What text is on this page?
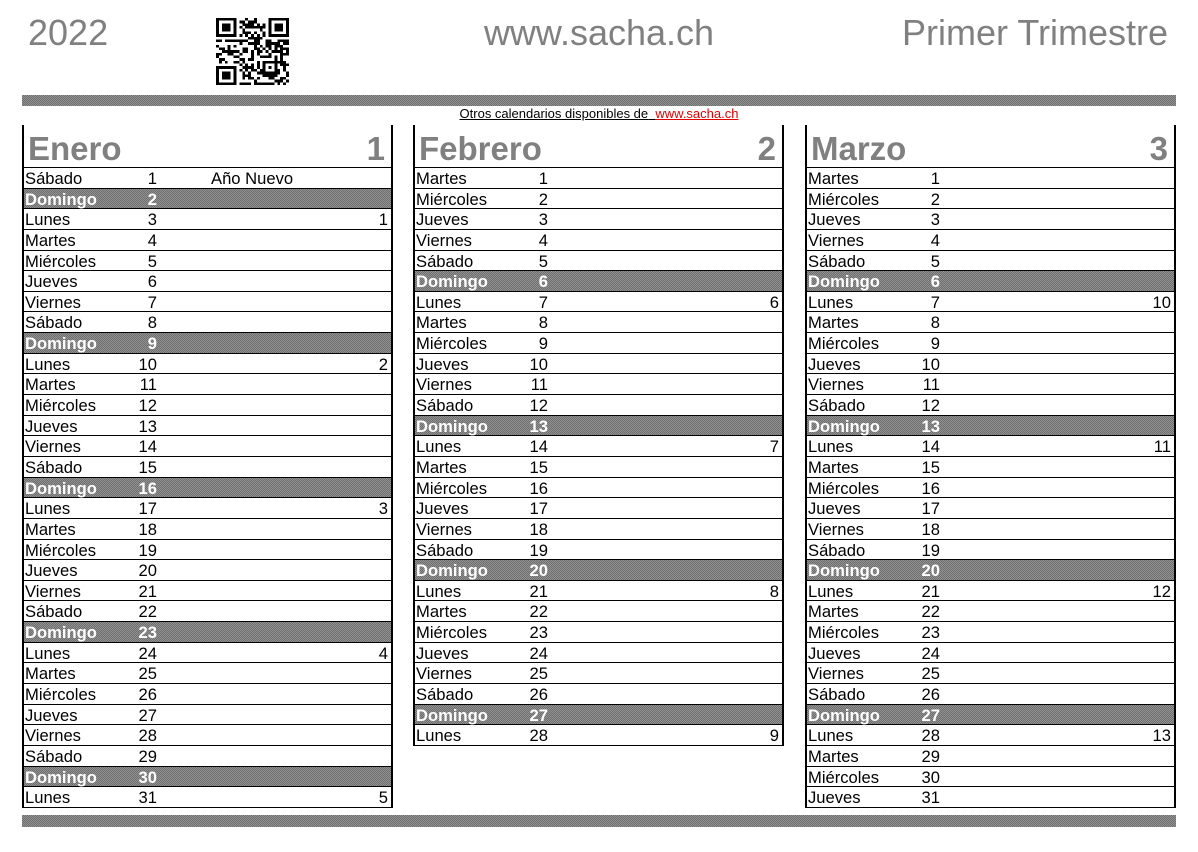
2022	www.sacha.ch	Primer Trimestre
Otros calendarios disponibles de www.sacha.ch
Enero	1
Sábado	1	Año Nuevo
Domingo	2
Lunes	3	1
Martes	4
Miércoles	5
Jueves	6
Viernes	7
Sábado	8
Domingo	9
Lunes	10	2
Martes	11
Miércoles	12
Jueves	13
Viernes	14
Sábado	15
Domingo	16
Lunes	17	3
Martes	18
Miércoles	19
Jueves	20
Viernes	21
Sábado	22
Domingo	23
Lunes	24	4
Martes	25
Miércoles	26
Jueves	27
Viernes	28
Sábado	29
Domingo	30
Lunes	31	5
Febrero	2
Martes	1
Miércoles	2
Jueves	3
Viernes	4
Sábado	5
Domingo	6
Lunes	7	6
Martes	8
Miércoles	9
Jueves	10
Viernes	11
Sábado	12
Domingo	13
Lunes	14	7
Martes	15
Miércoles	16
Jueves	17
Viernes	18
Sábado	19
Domingo	20
Lunes	21	8
Martes	22
Miércoles	23
Jueves	24
Viernes	25
Sábado	26
Domingo	27
Lunes	28	9
Marzo	3
Martes	1
Miércoles	2
Jueves	3
Viernes	4
Sábado	5
Domingo	6
Lunes	7	10
Martes	8
Miércoles	9
Jueves	10
Viernes	11
Sábado	12
Domingo	13
Lunes	14	11
Martes	15
Miércoles	16
Jueves	17
Viernes	18
Sábado	19
Domingo	20
Lunes	21	12
Martes	22
Miércoles	23
Jueves	24
Viernes	25
Sábado	26
Domingo	27
Lunes	28	13
Martes	29
Miércoles	30
Jueves	31
